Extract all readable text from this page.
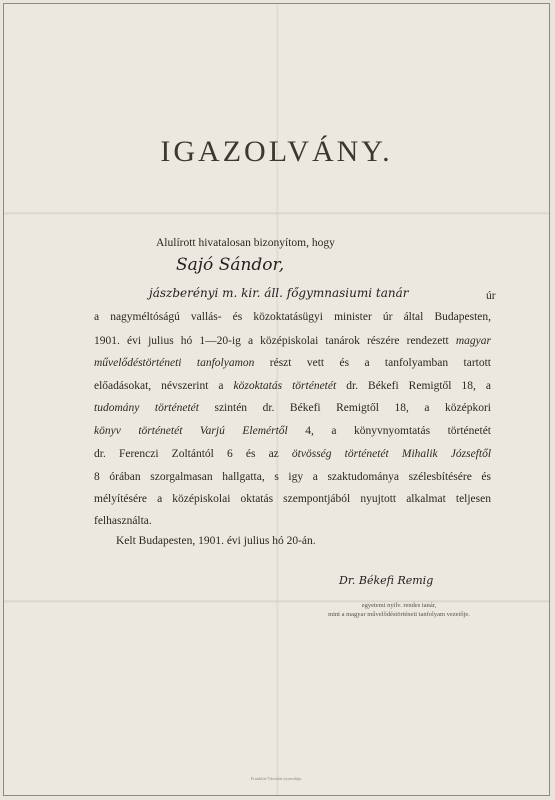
IGAZOLVÁNY.
Alulírott hivatalosan bizonyítom, hogy
Sajó Sándor,
jászberényi m. kir. áll. főgymnasiumi tanár	úr
a nagyméltóságú vallás- és közoktatásügyi minister úr által Budapesten,
1901. évi julius hó 1—20-ig a középiskolai tanárok részére rendezett magyar
művelődéstörténeti tanfolyamon részt vett és a tanfolyamban tartott
előadásokat, névszerint a közoktatás történetét dr. Békefi Remigtől 18, a
tudomány történetét szintén dr. Békefi Remigtől 18, a középkori
könyv történetét Varjú Elemértől 4, a könyvnyomtatás történetét
dr. Ferenczi Zoltántól 6 és az ötvösség történetét Mihalik Józseftől
8 órában szorgalmasan hallgatta, s igy a szaktudománya szélesbítésére és
mélyítésére a középiskolai oktatás szempontjából nyujtott alkalmat teljesen
felhasználta.
Kelt Budapesten, 1901. évi julius hó 20-án.
Dr. Békefi Remig
egyetemi nyilv. rendes tanár,
mint a magyar művelődéstörténeti tanfolyam vezetője.
Franklin-Társulat nyomdája.
